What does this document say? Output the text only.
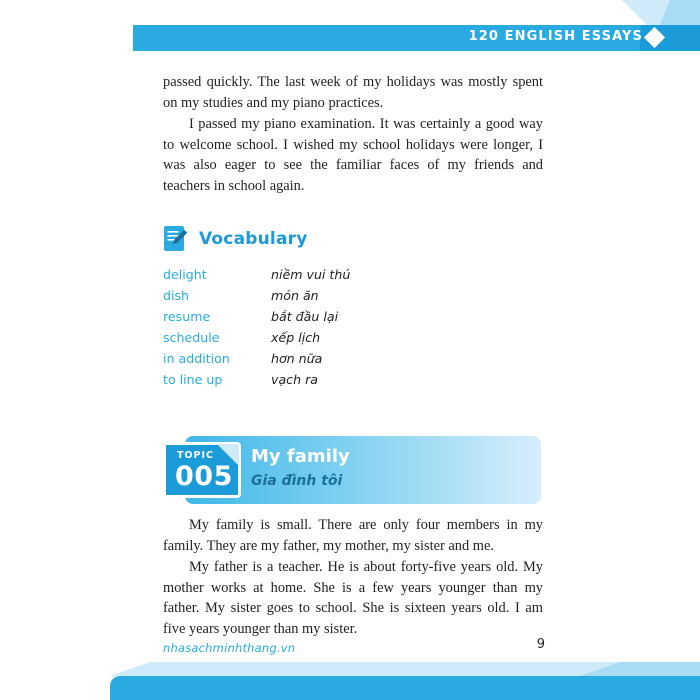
120 ENGLISH ESSAYS

passed quickly. The last week of my holidays was mostly spent on my studies and my piano practices.

I passed my piano examination. It was certainly a good way to welcome school. I wished my school holidays were longer, I was also eager to see the familiar faces of my friends and teachers in school again.

Vocabulary
delight	niềm vui thú
dish	món ăn
resume	bắt đầu lại
schedule	xếp lịch
in addition	hơn nữa
to line up	vạch ra
My family
Gia đình tôi
TOPIC
005

My family is small. There are only four members in my family. They are my father, my mother, my sister and me.

My father is a teacher. He is about forty-five years old. My mother works at home. She is a few years younger than my father. My sister goes to school. She is sixteen years old. I am five years younger than my sister.

nhasachminhthang.vn	9
